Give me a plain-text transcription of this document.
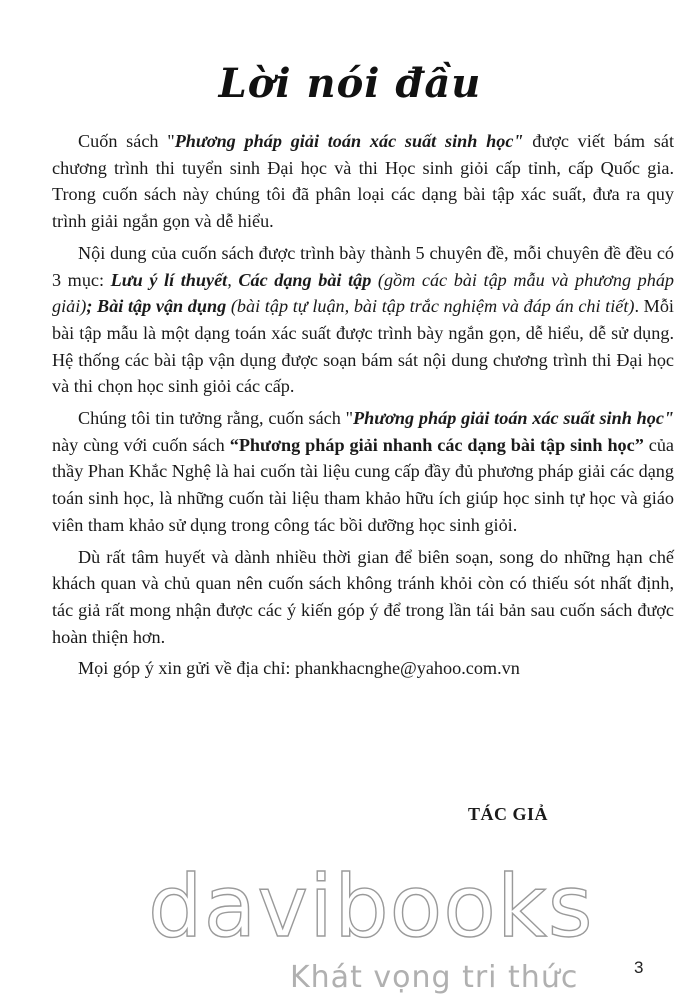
Lời nói đầu

Cuốn sách "Phương pháp giải toán xác suất sinh học" được viết bám sát chương trình thi tuyển sinh Đại học và thi Học sinh giỏi cấp tỉnh, cấp Quốc gia. Trong cuốn sách này chúng tôi đã phân loại các dạng bài tập xác suất, đưa ra quy trình giải ngắn gọn và dễ hiểu.

Nội dung của cuốn sách được trình bày thành 5 chuyên đề, mỗi chuyên đề đều có 3 mục: Lưu ý lí thuyết, Các dạng bài tập (gồm các bài tập mẫu và phương pháp giải); Bài tập vận dụng (bài tập tự luận, bài tập trắc nghiệm và đáp án chi tiết). Mỗi bài tập mẫu là một dạng toán xác suất được trình bày ngắn gọn, dễ hiểu, dễ sử dụng. Hệ thống các bài tập vận dụng được soạn bám sát nội dung chương trình thi Đại học và thi chọn học sinh giỏi các cấp.

Chúng tôi tin tưởng rằng, cuốn sách "Phương pháp giải toán xác suất sinh học" này cùng với cuốn sách “Phương pháp giải nhanh các dạng bài tập sinh học” của thầy Phan Khắc Nghệ là hai cuốn tài liệu cung cấp đầy đủ phương pháp giải các dạng toán sinh học, là những cuốn tài liệu tham khảo hữu ích giúp học sinh tự học và giáo viên tham khảo sử dụng trong công tác bồi dưỡng học sinh giỏi.

Dù rất tâm huyết và dành nhiều thời gian để biên soạn, song do những hạn chế khách quan và chủ quan nên cuốn sách không tránh khỏi còn có thiếu sót nhất định, tác giả rất mong nhận được các ý kiến góp ý để trong lần tái bản sau cuốn sách được hoàn thiện hơn.

Mọi góp ý xin gửi về địa chỉ: phankhacnghe@yahoo.com.vn

TÁC GIẢ
davibooks
Khát vọng tri thức	3
